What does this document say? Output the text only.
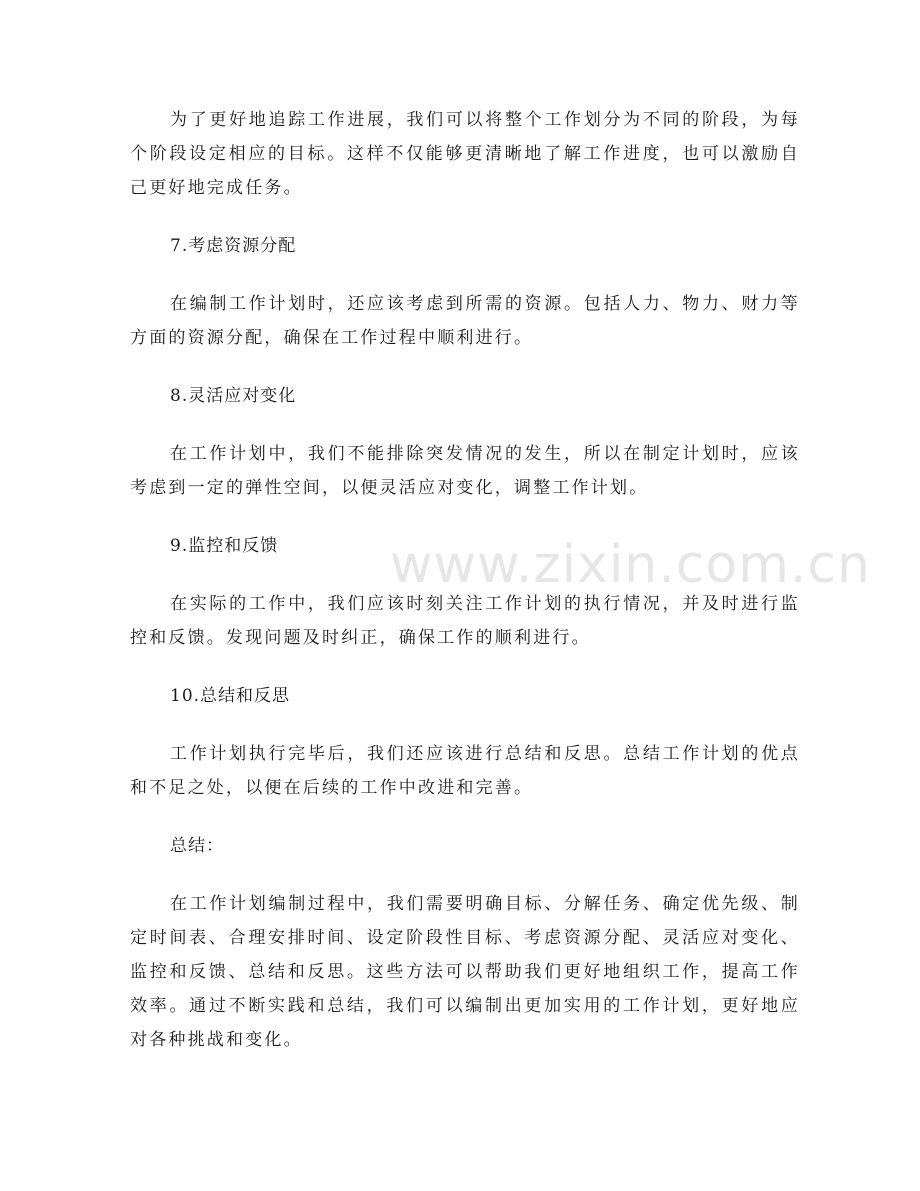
为了更好地追踪工作进展，我们可以将整个工作划分为不同的阶段，为每个阶段设定相应的目标。这样不仅能够更清晰地了解工作进度，也可以激励自己更好地完成任务。

7.考虑资源分配

在编制工作计划时，还应该考虑到所需的资源。包括人力、物力、财力等方面的资源分配，确保在工作过程中顺利进行。

8.灵活应对变化

在工作计划中，我们不能排除突发情况的发生，所以在制定计划时，应该考虑到一定的弹性空间，以便灵活应对变化，调整工作计划。

9.监控和反馈

在实际的工作中，我们应该时刻关注工作计划的执行情况，并及时进行监控和反馈。发现问题及时纠正，确保工作的顺利进行。

10.总结和反思

工作计划执行完毕后，我们还应该进行总结和反思。总结工作计划的优点和不足之处，以便在后续的工作中改进和完善。

总结：

在工作计划编制过程中，我们需要明确目标、分解任务、确定优先级、制定时间表、合理安排时间、设定阶段性目标、考虑资源分配、灵活应对变化、监控和反馈、总结和反思。这些方法可以帮助我们更好地组织工作，提高工作效率。通过不断实践和总结，我们可以编制出更加实用的工作计划，更好地应对各种挑战和变化。

www.zixin.com.cn
